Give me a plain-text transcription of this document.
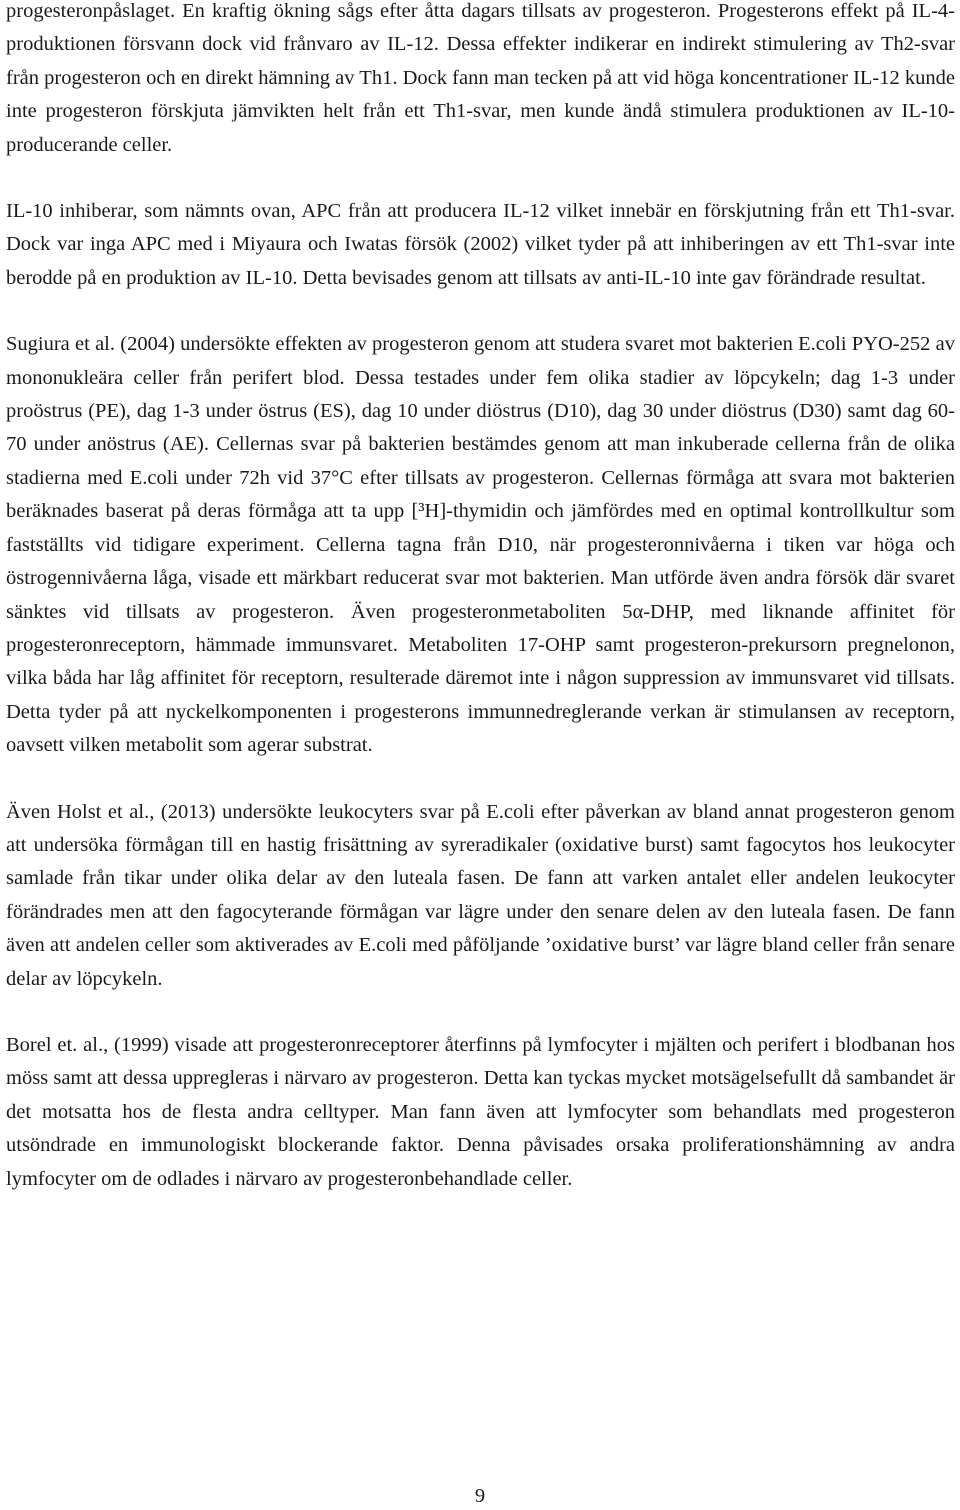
progesteronpåslaget. En kraftig ökning sågs efter åtta dagars tillsats av progesteron. Progesterons effekt på IL-4-produktionen försvann dock vid frånvaro av IL-12. Dessa effekter indikerar en indirekt stimulering av Th2-svar från progesteron och en direkt hämning av Th1. Dock fann man tecken på att vid höga koncentrationer IL-12 kunde inte progesteron förskjuta jämvikten helt från ett Th1-svar, men kunde ändå stimulera produktionen av IL-10-producerande celler.

IL-10 inhiberar, som nämnts ovan, APC från att producera IL-12 vilket innebär en förskjutning från ett Th1-svar. Dock var inga APC med i Miyaura och Iwatas försök (2002) vilket tyder på att inhiberingen av ett Th1-svar inte berodde på en produktion av IL-10. Detta bevisades genom att tillsats av anti-IL-10 inte gav förändrade resultat.

Sugiura et al. (2004) undersökte effekten av progesteron genom att studera svaret mot bakterien E.coli PYO-252 av mononukleära celler från perifert blod. Dessa testades under fem olika stadier av löpcykeln; dag 1-3 under proöstrus (PE), dag 1-3 under östrus (ES), dag 10 under diöstrus (D10), dag 30 under diöstrus (D30) samt dag 60-70 under anöstrus (AE). Cellernas svar på bakterien bestämdes genom att man inkuberade cellerna från de olika stadierna med E.coli under 72h vid 37°C efter tillsats av progesteron. Cellernas förmåga att svara mot bakterien beräknades baserat på deras förmåga att ta upp [³H]-thymidin och jämfördes med en optimal kontrollkultur som fastställts vid tidigare experiment. Cellerna tagna från D10, när progesteronnivåerna i tiken var höga och östrogennivåerna låga, visade ett märkbart reducerat svar mot bakterien. Man utförde även andra försök där svaret sänktes vid tillsats av progesteron. Även progesteronmetaboliten 5α-DHP, med liknande affinitet för progesteronreceptorn, hämmade immunsvaret. Metaboliten 17-OHP samt progesteron-prekursorn pregnelonon, vilka båda har låg affinitet för receptorn, resulterade däremot inte i någon suppression av immunsvaret vid tillsats. Detta tyder på att nyckelkomponenten i progesterons immunnedreglerande verkan är stimulansen av receptorn, oavsett vilken metabolit som agerar substrat.

Även Holst et al., (2013) undersökte leukocyters svar på E.coli efter påverkan av bland annat progesteron genom att undersöka förmågan till en hastig frisättning av syreradikaler (oxidative burst) samt fagocytos hos leukocyter samlade från tikar under olika delar av den luteala fasen. De fann att varken antalet eller andelen leukocyter förändrades men att den fagocyterande förmågan var lägre under den senare delen av den luteala fasen. De fann även att andelen celler som aktiverades av E.coli med påföljande ’oxidative burst’ var lägre bland celler från senare delar av löpcykeln.

Borel et. al., (1999) visade att progesteronreceptorer återfinns på lymfocyter i mjälten och perifert i blodbanan hos möss samt att dessa uppregleras i närvaro av progesteron. Detta kan tyckas mycket motsägelsefullt då sambandet är det motsatta hos de flesta andra celltyper. Man fann även att lymfocyter som behandlats med progesteron utsöndrade en immunologiskt blockerande faktor. Denna påvisades orsaka proliferationshämning av andra lymfocyter om de odlades i närvaro av progesteronbehandlade celler.

9
